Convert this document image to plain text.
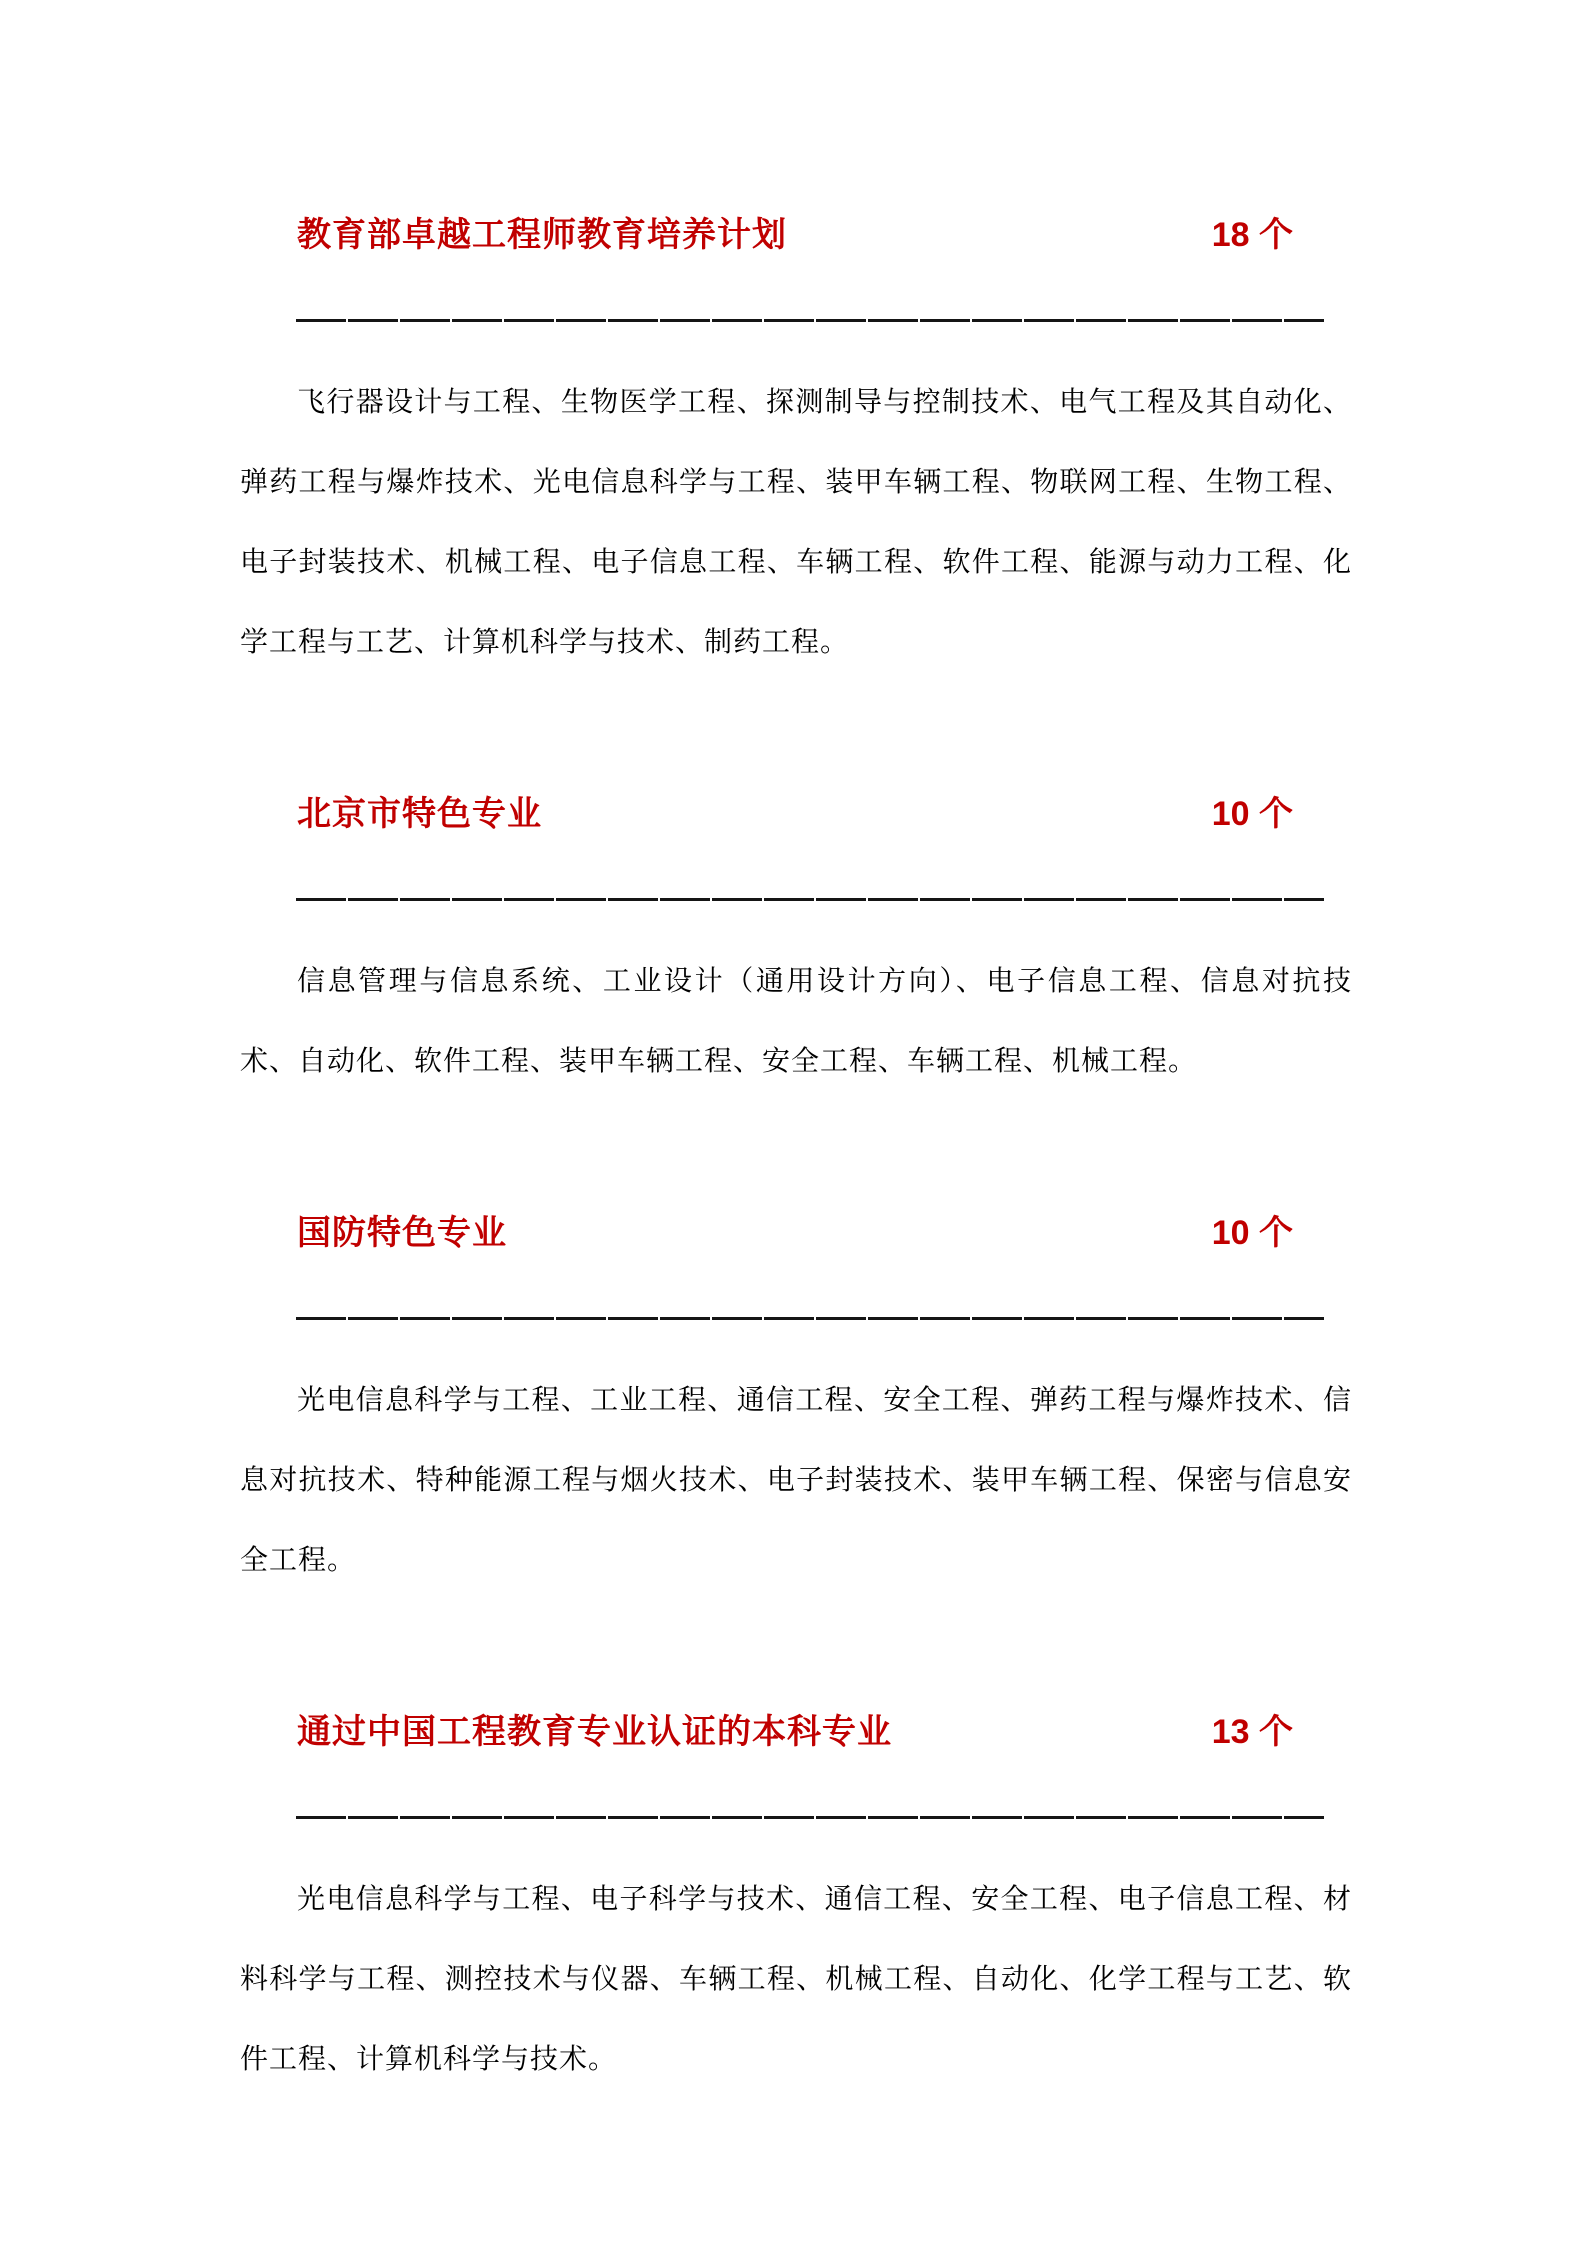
教育部卓越工程师教育培养计划	18 个

飞行器设计与工程、生物医学工程、探测制导与控制技术、电气工程及其自动化、弹药工程与爆炸技术、光电信息科学与工程、装甲车辆工程、物联网工程、生物工程、电子封装技术、机械工程、电子信息工程、车辆工程、软件工程、能源与动力工程、化学工程与工艺、计算机科学与技术、制药工程。

北京市特色专业	10 个

信息管理与信息系统、工业设计（通用设计方向）、电子信息工程、信息对抗技术、自动化、软件工程、装甲车辆工程、安全工程、车辆工程、机械工程。

国防特色专业	10 个

光电信息科学与工程、工业工程、通信工程、安全工程、弹药工程与爆炸技术、信息对抗技术、特种能源工程与烟火技术、电子封装技术、装甲车辆工程、保密与信息安全工程。

通过中国工程教育专业认证的本科专业	13 个

光电信息科学与工程、电子科学与技术、通信工程、安全工程、电子信息工程、材料科学与工程、测控技术与仪器、车辆工程、机械工程、自动化、化学工程与工艺、软件工程、计算机科学与技术。
